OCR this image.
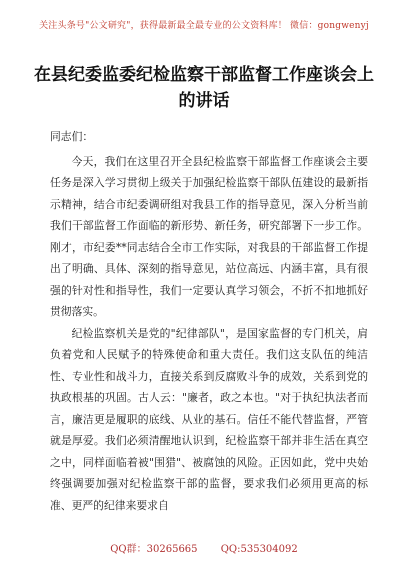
关注头条号"公文研究"，获得最新最全最专业的公文资料库！ 微信：gongwenyj
在县纪委监委纪检监察干部监督工作座谈会上的讲话

同志们：

今天，我们在这里召开全县纪检监察干部监督工作座谈会主要任务是深入学习贯彻上级关于加强纪检监察干部队伍建设的最新指示精神，结合市纪委调研组对我县工作的指导意见，深入分析当前我们干部监督工作面临的新形势、新任务，研究部署下一步工作。刚才，市纪委**同志结合全市工作实际，对我县的干部监督工作提出了明确、具体、深刻的指导意见，站位高远、内涵丰富，具有很强的针对性和指导性，我们一定要认真学习领会，不折不扣地抓好贯彻落实。

纪检监察机关是党的"纪律部队"，是国家监督的专门机关，肩负着党和人民赋予的特殊使命和重大责任。我们这支队伍的纯洁性、专业性和战斗力，直接关系到反腐败斗争的成效，关系到党的执政根基的巩固。古人云："廉者，政之本也。"对于执纪执法者而言，廉洁更是履职的底线、从业的基石。信任不能代替监督，严管就是厚爱。我们必须清醒地认识到，纪检监察干部并非生活在真空之中，同样面临着被"围猎"、被腐蚀的风险。正因如此，党中央始终强调要加强对纪检监察干部的监督，要求我们必须用更高的标准、更严的纪律来要求自

QQ群：30265665 QQ:535304092
